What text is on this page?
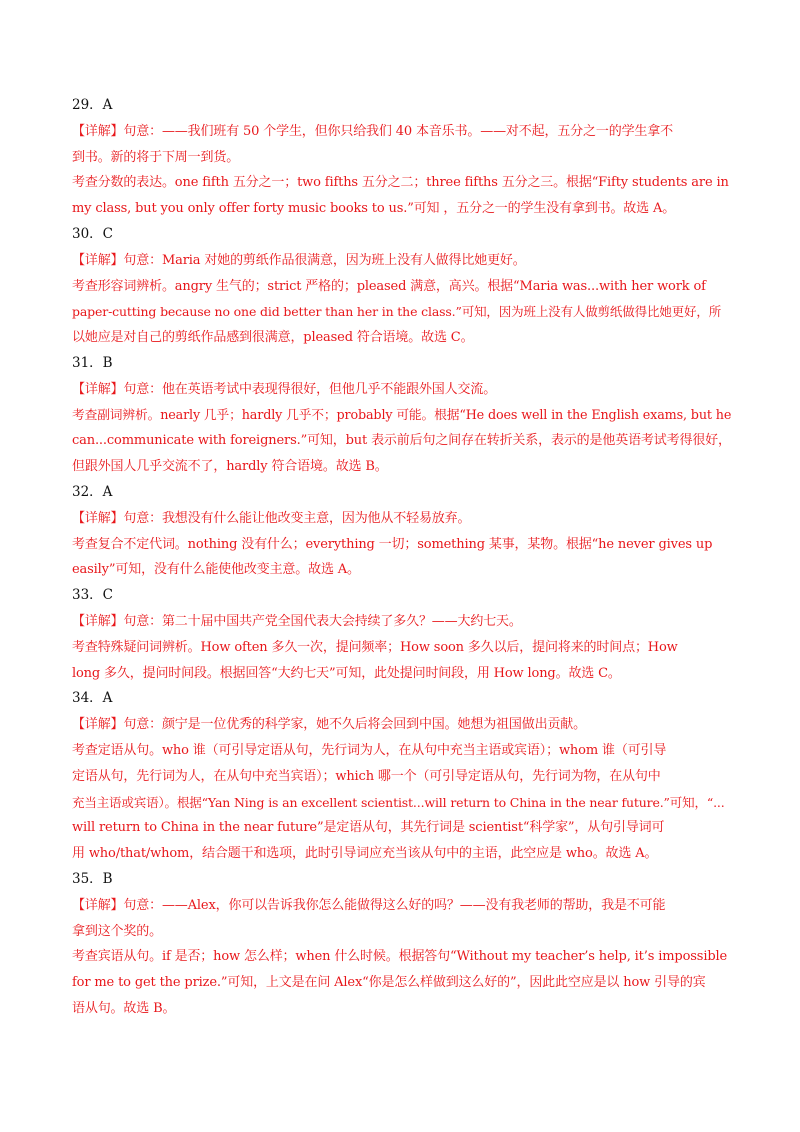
29．A
【详解】句意：——我们班有 50 个学生，但你只给我们 40 本音乐书。——对不起，五分之一的学生拿不
到书。新的将于下周一到货。
考查分数的表达。one fifth 五分之一；two fifths 五分之二；three fifths 五分之三。根据“Fifty students are in
my class, but you only offer forty music books to us.”可知 ，五分之一的学生没有拿到书。故选 A。
30．C
【详解】句意：Maria 对她的剪纸作品很满意，因为班上没有人做得比她更好。
考查形容词辨析。angry 生气的；strict 严格的；pleased 满意，高兴。根据“Maria was...with her work of
paper-cutting because no one did better than her in the class.”可知，因为班上没有人做剪纸做得比她更好，所
以她应是对自己的剪纸作品感到很满意，pleased 符合语境。故选 C。
31．B
【详解】句意：他在英语考试中表现得很好，但他几乎不能跟外国人交流。
考查副词辨析。nearly 几乎；hardly 几乎不；probably 可能。根据“He does well in the English exams, but he
can...communicate with foreigners.”可知，but 表示前后句之间存在转折关系，表示的是他英语考试考得很好，
但跟外国人几乎交流不了，hardly 符合语境。故选 B。
32．A
【详解】句意：我想没有什么能让他改变主意，因为他从不轻易放弃。
考查复合不定代词。nothing 没有什么；everything 一切；something 某事，某物。根据“he never gives up
easily”可知，没有什么能使他改变主意。故选 A。
33．C
【详解】句意：第二十届中国共产党全国代表大会持续了多久？——大约七天。
考查特殊疑问词辨析。How often 多久一次，提问频率；How soon 多久以后，提问将来的时间点；How
long 多久，提问时间段。根据回答“大约七天”可知，此处提问时间段，用 How long。故选 C。
34．A
【详解】句意：颜宁是一位优秀的科学家，她不久后将会回到中国。她想为祖国做出贡献。
考查定语从句。who 谁（可引导定语从句，先行词为人，在从句中充当主语或宾语）；whom 谁（可引导
定语从句，先行词为人，在从句中充当宾语）；which 哪一个（可引导定语从句，先行词为物，在从句中
充当主语或宾语）。根据“Yan Ning is an excellent scientist...will return to China in the near future.”可知，“...
will return to China in the near future”是定语从句，其先行词是 scientist“科学家”，从句引导词可
用 who/that/whom，结合题干和选项，此时引导词应充当该从句中的主语，此空应是 who。故选 A。
35．B
【详解】句意：——Alex，你可以告诉我你怎么能做得这么好的吗？——没有我老师的帮助，我是不可能
拿到这个奖的。
考查宾语从句。if 是否；how 怎么样；when 什么时候。根据答句“Without my teacher’s help, it’s impossible
for me to get the prize.”可知，上文是在问 Alex“你是怎么样做到这么好的”，因此此空应是以 how 引导的宾
语从句。故选 B。
